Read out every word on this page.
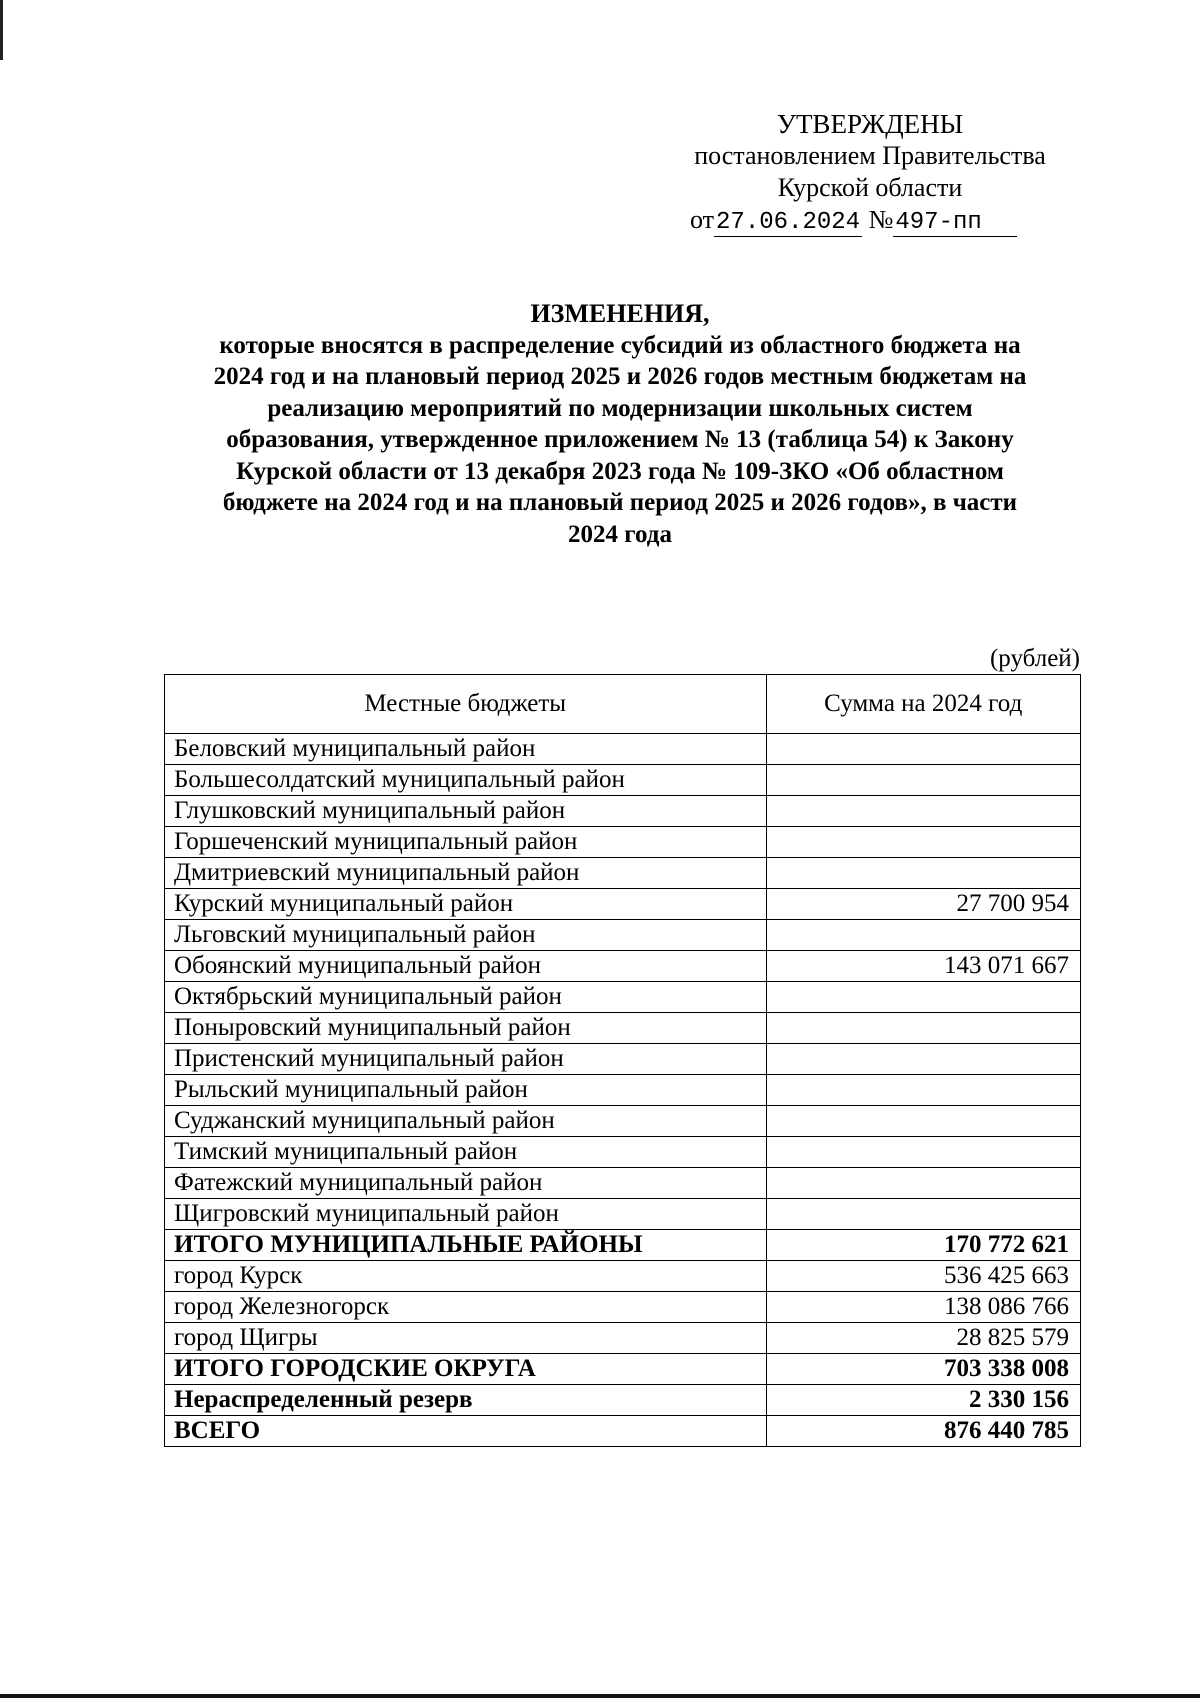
УТВЕРЖДЕНЫ
постановлением Правительства
Курской области
от27.06.2024 №497-пп
ИЗМЕНЕНИЯ,
которые вносятся в распределение субсидий из областного бюджета на
2024 год и на плановый период 2025 и 2026 годов местным бюджетам на
реализацию мероприятий по модернизации школьных систем
образования, утвержденное приложением № 13 (таблица 54) к Закону
Курской области от 13 декабря 2023 года № 109-ЗКО «Об областном
бюджете на 2024 год и на плановый период 2025 и 2026 годов», в части
2024 года
(рублей)
Местные бюджеты	Сумма на 2024 год
Беловский муниципальный район	
Большесолдатский муниципальный район	
Глушковский муниципальный район	
Горшеченский муниципальный район	
Дмитриевский муниципальный район	
Курский муниципальный район	27 700 954
Льговский муниципальный район	
Обоянский муниципальный район	143 071 667
Октябрьский муниципальный район	
Поныровский муниципальный район	
Пристенский муниципальный район	
Рыльский муниципальный район	
Суджанский муниципальный район	
Тимский муниципальный район	
Фатежский муниципальный район	
Щигровский муниципальный район	
ИТОГО МУНИЦИПАЛЬНЫЕ РАЙОНЫ	170 772 621
город Курск	536 425 663
город Железногорск	138 086 766
город Щигры	28 825 579
ИТОГО ГОРОДСКИЕ ОКРУГА	703 338 008
Нераспределенный резерв	2 330 156
ВСЕГО	876 440 785
